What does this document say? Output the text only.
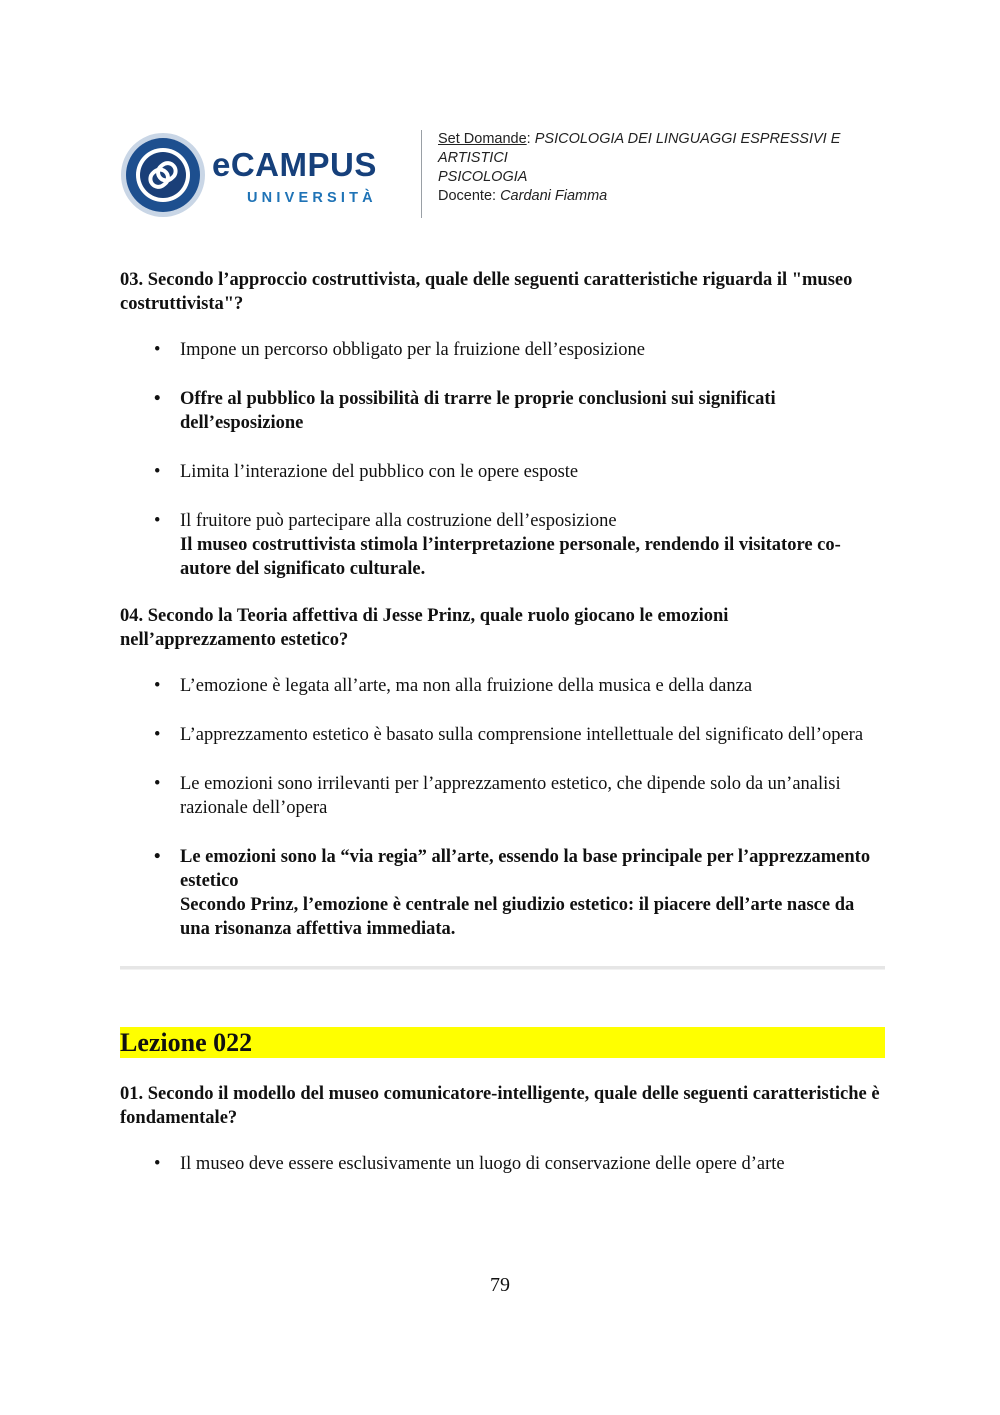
eCAMPUS
UNIVERSITÀ
Set Domande: PSICOLOGIA DEI LINGUAGGI ESPRESSIVI E
ARTISTICI
PSICOLOGIA
Docente: Cardani Fiamma

03. Secondo l’approccio costruttivista, quale delle seguenti caratteristiche riguarda il "museo costruttivista"?

• Impone un percorso obbligato per la fruizione dell’esposizione
• Offre al pubblico la possibilità di trarre le proprie conclusioni sui significati dell’esposizione
• Limita l’interazione del pubblico con le opere esposte
• Il fruitore può partecipare alla costruzione dell’esposizione
Il museo costruttivista stimola l’interpretazione personale, rendendo il visitatore co-autore del significato culturale.

04. Secondo la Teoria affettiva di Jesse Prinz, quale ruolo giocano le emozioni nell’apprezzamento estetico?

• L’emozione è legata all’arte, ma non alla fruizione della musica e della danza
• L’apprezzamento estetico è basato sulla comprensione intellettuale del significato dell’opera
• Le emozioni sono irrilevanti per l’apprezzamento estetico, che dipende solo da un’analisi razionale dell’opera
• Le emozioni sono la “via regia” all’arte, essendo la base principale per l’apprezzamento estetico
Secondo Prinz, l’emozione è centrale nel giudizio estetico: il piacere dell’arte nasce da una risonanza affettiva immediata.
Lezione 022

01. Secondo il modello del museo comunicatore-intelligente, quale delle seguenti caratteristiche è fondamentale?

• Il museo deve essere esclusivamente un luogo di conservazione delle opere d’arte
79
